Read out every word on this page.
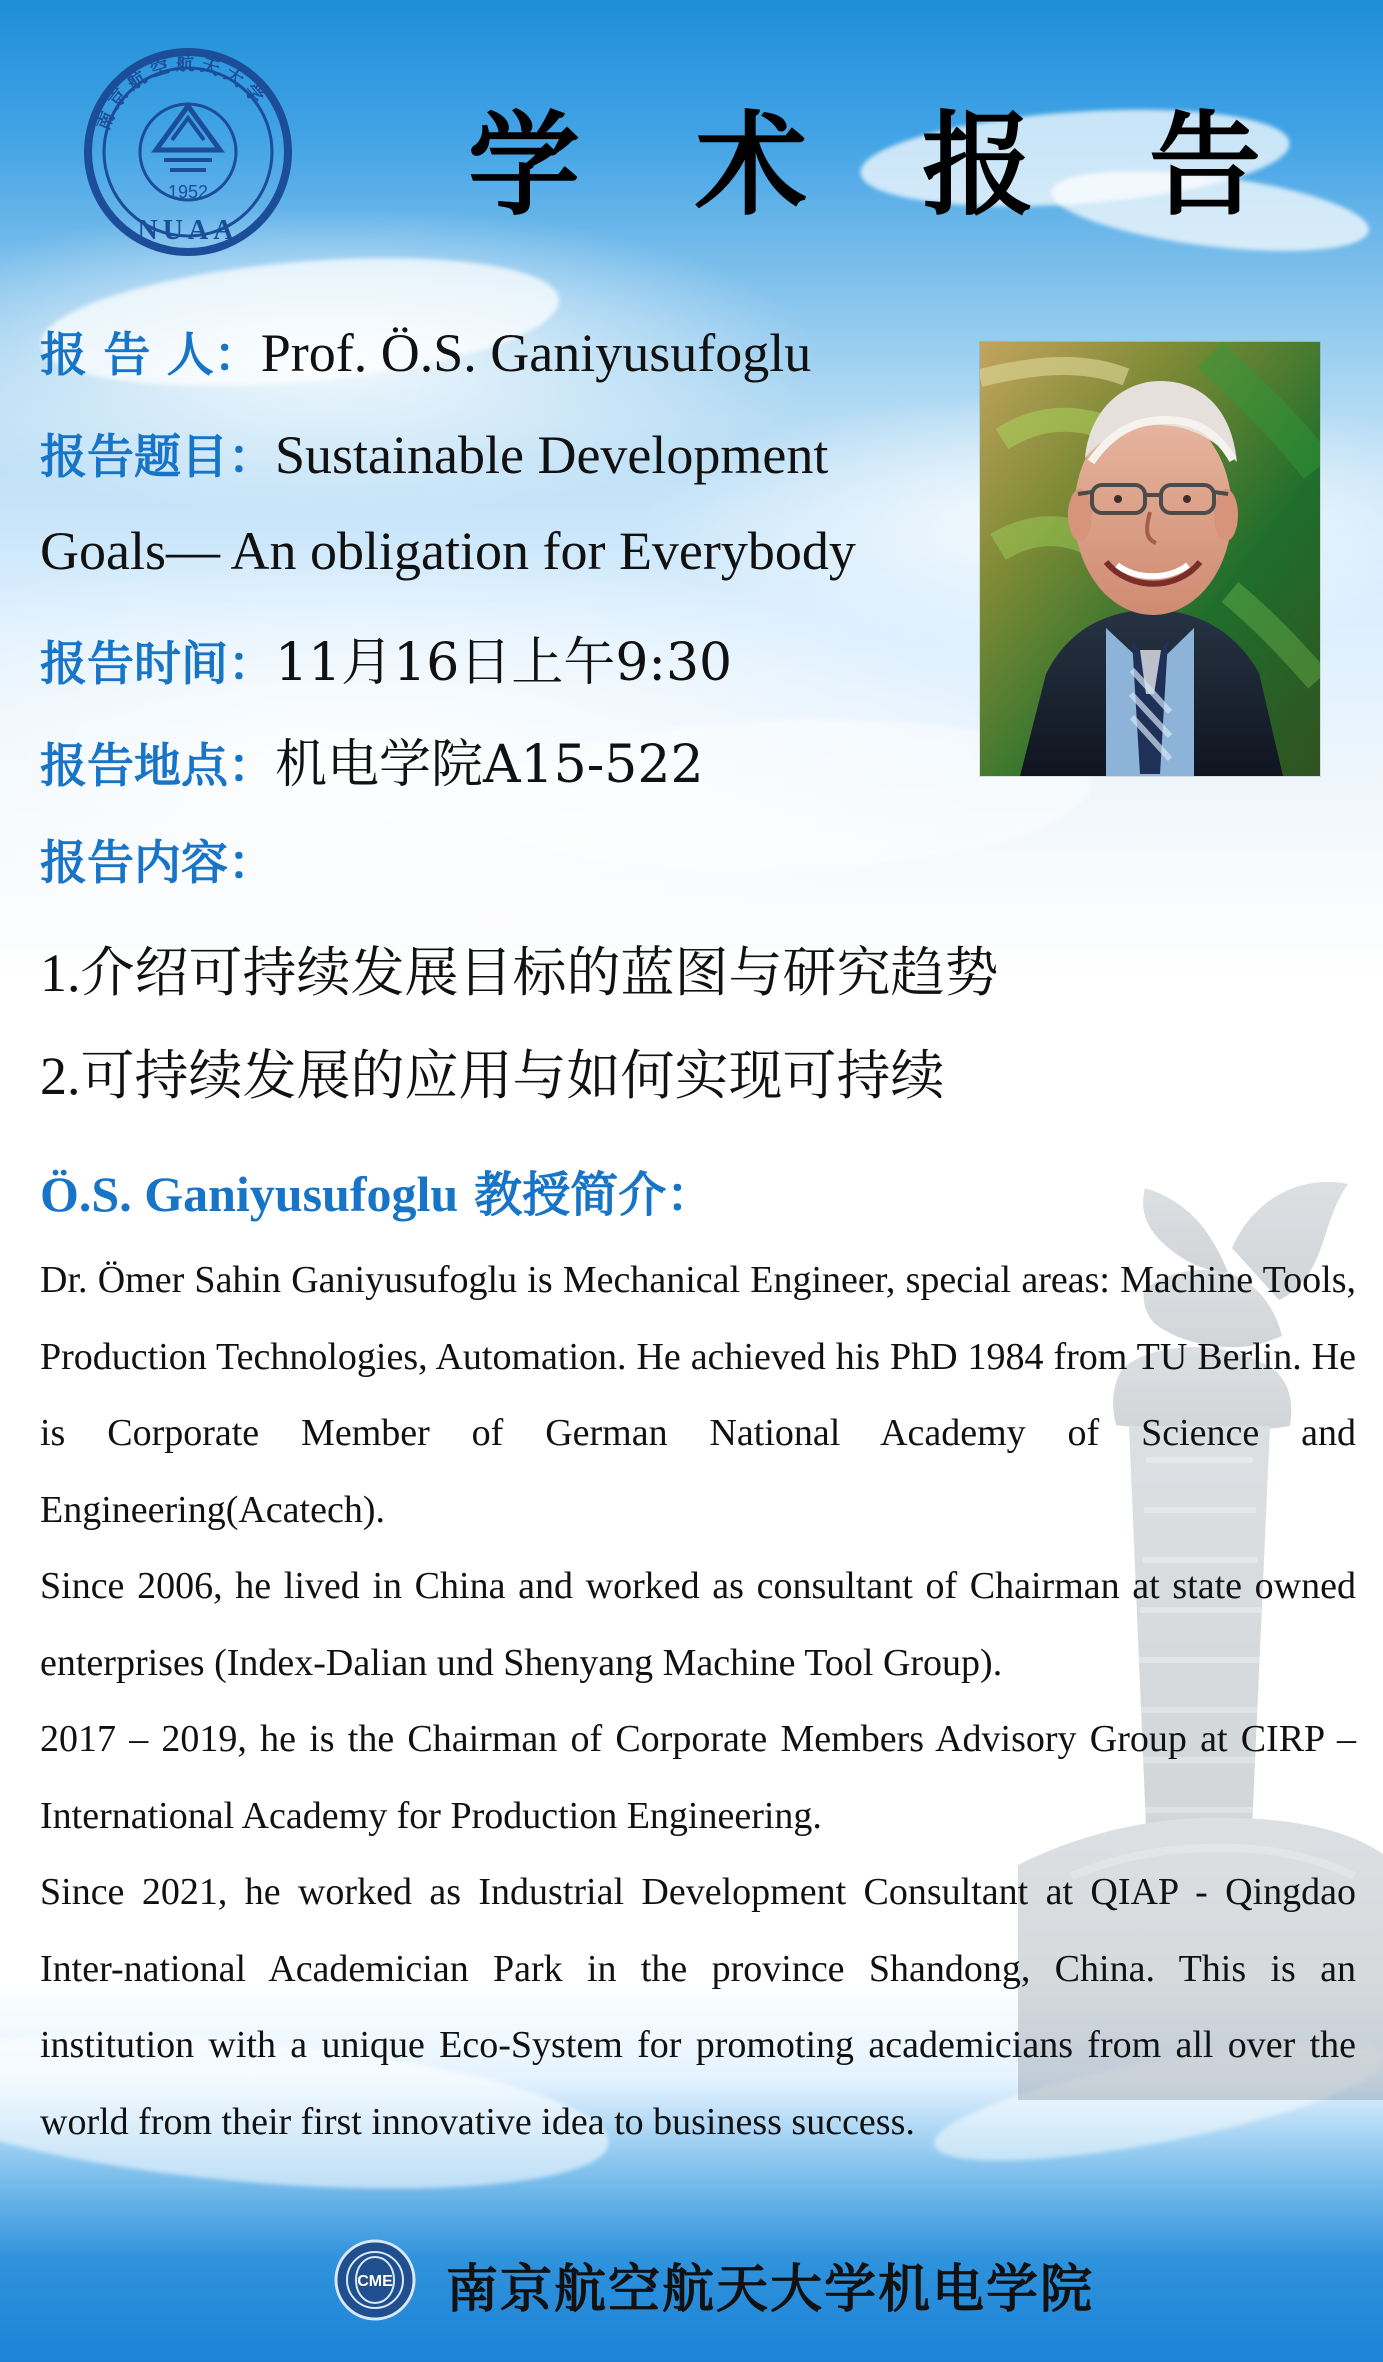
1952
NUAA
南京航空航天大学
学 术 报 告
报 告 人：Prof. Ö.S. Ganiyusufoglu
报告题目：Sustainable Development
Goals— An obligation for Everybody
报告时间：11月16日上午9:30
报告地点：机电学院A15-522
报告内容：
1.介绍可持续发展目标的蓝图与研究趋势
2.可持续发展的应用与如何实现可持续
Ö.S. Ganiyusufoglu 教授简介：

Dr. Ömer Sahin Ganiyusufoglu is Mechanical Engineer, special areas: Machine Tools, Production Technologies, Automation. He achieved his PhD 1984 from TU Berlin. He is Corporate Member of German National Academy of Science and Engineering(Acatech).

Since 2006, he lived in China and worked as consultant of Chairman at state owned enterprises (Index-Dalian und Shenyang Machine Tool Group).

2017 – 2019, he is the Chairman of Corporate Members Advisory Group at CIRP – International Academy for Production Engineering.

Since 2021, he worked as Industrial Development Consultant at QIAP - Qingdao Inter-national Academician Park in the province Shandong, China. This is an institution with a unique Eco-System for promoting academicians from all over the world from their first innovative idea to business success.

CME 南京航空航天大学机电学院
